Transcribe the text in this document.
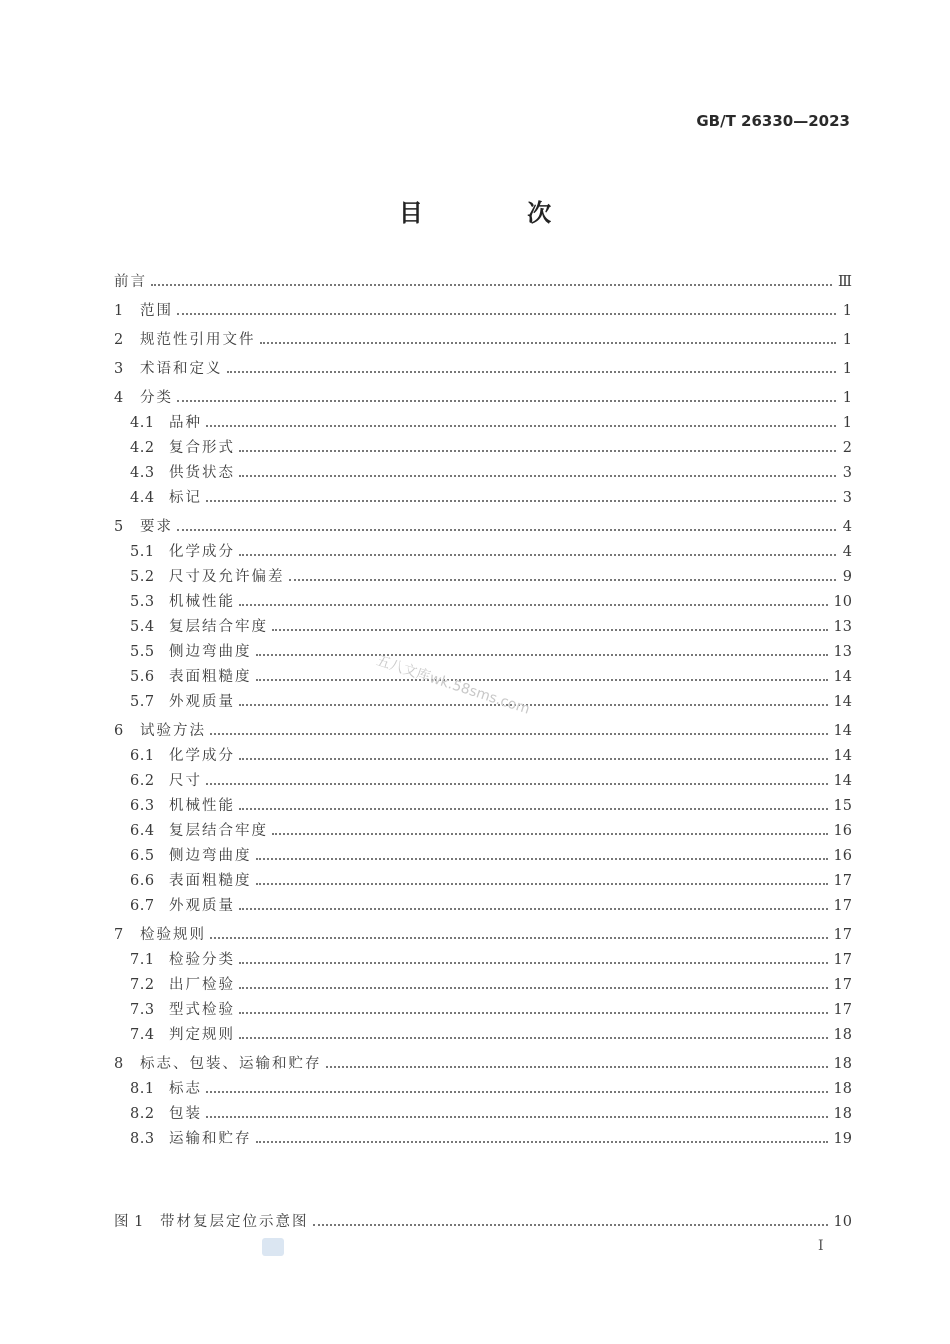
GB/T 26330—2023
目 次
前言	Ⅲ
1	范围	1
2	规范性引用文件	1
3	术语和定义	1
4	分类	1
4.1 品种	1
4.2 复合形式	2
4.3 供货状态	3
4.4 标记	3
5	要求	4
5.1 化学成分	4
5.2 尺寸及允许偏差	9
5.3 机械性能	10
5.4 复层结合牢度	13
5.5 侧边弯曲度	13
5.6 表面粗糙度	14
5.7 外观质量	14
6	试验方法	14
6.1 化学成分	14
6.2 尺寸	14
6.3 机械性能	15
6.4 复层结合牢度	16
6.5 侧边弯曲度	16
6.6 表面粗糙度	17
6.7 外观质量	17
7	检验规则	17
7.1 检验分类	17
7.2 出厂检验	17
7.3 型式检验	17
7.4 判定规则	18
8	标志、包装、运输和贮存	18
8.1 标志	18
8.2 包装	18
8.3 运输和贮存	19
图 1	带材复层定位示意图	10
五八文库wk.58sms.com
I
